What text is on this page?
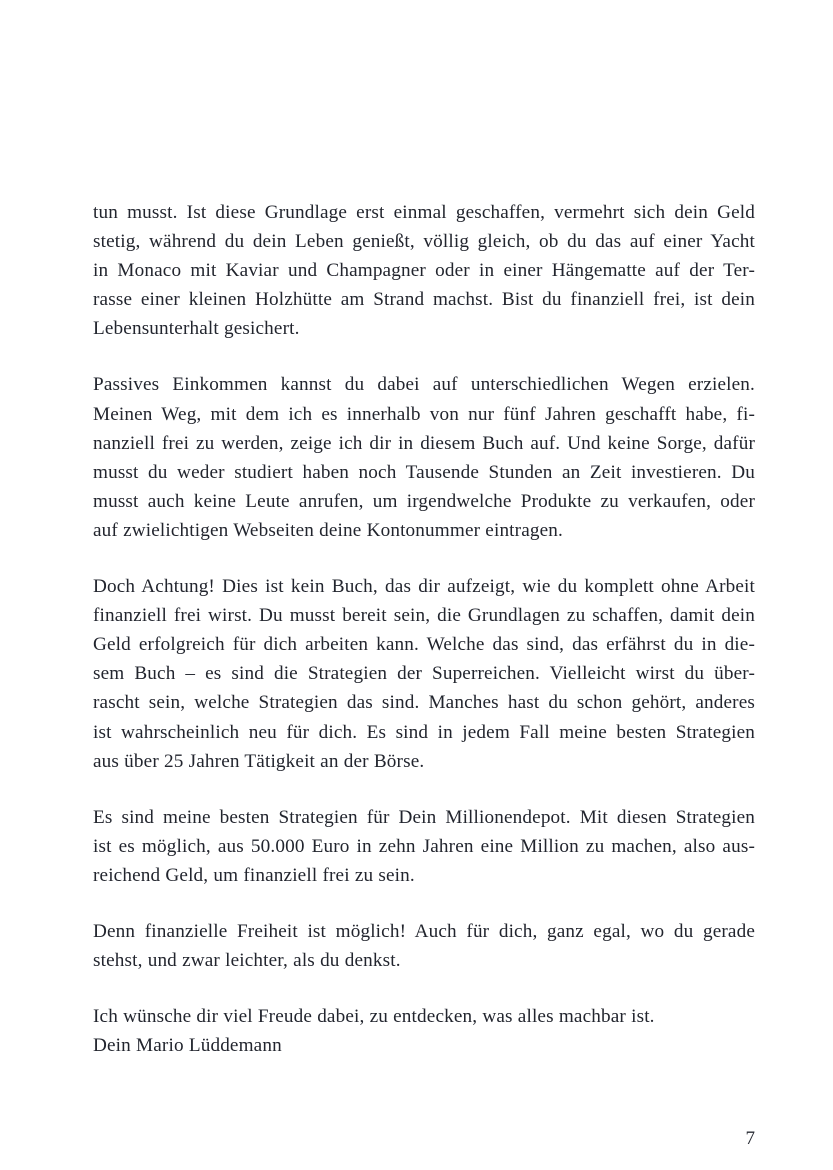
tun musst. Ist diese Grundlage erst einmal geschaffen, vermehrt sich dein Geld
stetig, während du dein Leben genießt, völlig gleich, ob du das auf einer Yacht
in Monaco mit Kaviar und Champagner oder in einer Hängematte auf der Ter-
rasse einer kleinen Holzhütte am Strand machst. Bist du finanziell frei, ist dein
Lebensunterhalt gesichert.

Passives Einkommen kannst du dabei auf unterschiedlichen Wegen erzielen.
Meinen Weg, mit dem ich es innerhalb von nur fünf Jahren geschafft habe, fi-
nanziell frei zu werden, zeige ich dir in diesem Buch auf. Und keine Sorge, dafür
musst du weder studiert haben noch Tausende Stunden an Zeit investieren. Du
musst auch keine Leute anrufen, um irgendwelche Produkte zu verkaufen, oder
auf zwielichtigen Webseiten deine Kontonummer eintragen.

Doch Achtung! Dies ist kein Buch, das dir aufzeigt, wie du komplett ohne Arbeit
finanziell frei wirst. Du musst bereit sein, die Grundlagen zu schaffen, damit dein
Geld erfolgreich für dich arbeiten kann. Welche das sind, das erfährst du in die-
sem Buch – es sind die Strategien der Superreichen. Vielleicht wirst du über-
rascht sein, welche Strategien das sind. Manches hast du schon gehört, anderes
ist wahrscheinlich neu für dich. Es sind in jedem Fall meine besten Strategien
aus über 25 Jahren Tätigkeit an der Börse.

Es sind meine besten Strategien für Dein Millionendepot. Mit diesen Strategien
ist es möglich, aus 50.000 Euro in zehn Jahren eine Million zu machen, also aus-
reichend Geld, um finanziell frei zu sein.

Denn finanzielle Freiheit ist möglich! Auch für dich, ganz egal, wo du gerade
stehst, und zwar leichter, als du denkst.

Ich wünsche dir viel Freude dabei, zu entdecken, was alles machbar ist.
Dein Mario Lüddemann

7
